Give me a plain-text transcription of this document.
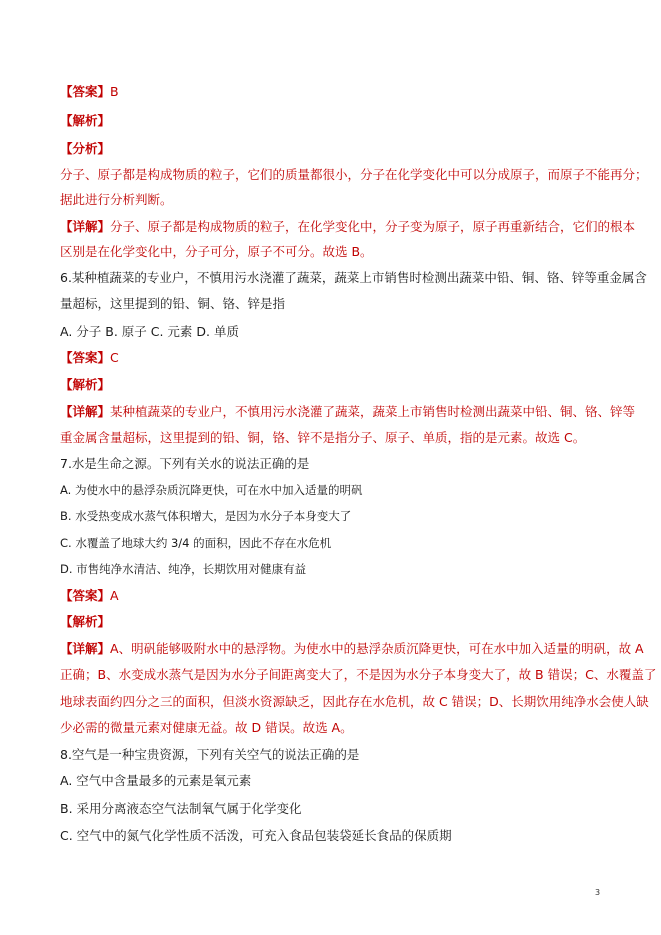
【答案】B
【解析】
【分析】
分子、原子都是构成物质的粒子，它们的质量都很小，分子在化学变化中可以分成原子，而原子不能再分；
据此进行分析判断。
【详解】分子、原子都是构成物质的粒子，在化学变化中，分子变为原子，原子再重新结合，它们的根本
区别是在化学变化中，分子可分，原子不可分。故选 B。
6.某种植蔬菜的专业户，不慎用污水浇灌了蔬菜，蔬菜上市销售时检测出蔬菜中铅、铜、铬、锌等重金属含
量超标，这里提到的铅、铜、铬、锌是指
A. 分子 B. 原子 C. 元素 D. 单质
【答案】C
【解析】
【详解】某种植蔬菜的专业户，不慎用污水浇灌了蔬菜，蔬菜上市销售时检测出蔬菜中铅、铜、铬、锌等
重金属含量超标，这里提到的铅、铜，铬、锌不是指分子、原子、单质，指的是元素。故选 C。
7.水是生命之源。下列有关水的说法正确的是
A. 为使水中的悬浮杂质沉降更快，可在水中加入适量的明矾
B. 水受热变成水蒸气体积增大，是因为水分子本身变大了
C. 水覆盖了地球大约 3/4 的面积，因此不存在水危机
D. 市售纯净水清洁、纯净，长期饮用对健康有益
【答案】A
【解析】
【详解】A、明矾能够吸附水中的悬浮物。为使水中的悬浮杂质沉降更快，可在水中加入适量的明矾，故 A
正确；B、水变成水蒸气是因为水分子间距离变大了，不是因为水分子本身变大了，故 B 错误；C、水覆盖了
地球表面约四分之三的面积，但淡水资源缺乏，因此存在水危机，故 C 错误；D、长期饮用纯净水会使人缺
少必需的微量元素对健康无益。故 D 错误。故选 A。
8.空气是一种宝贵资源，下列有关空气的说法正确的是
A. 空气中含量最多的元素是氧元素
B. 采用分离液态空气法制氧气属于化学变化
C. 空气中的氮气化学性质不活泼，可充入食品包装袋延长食品的保质期
3
